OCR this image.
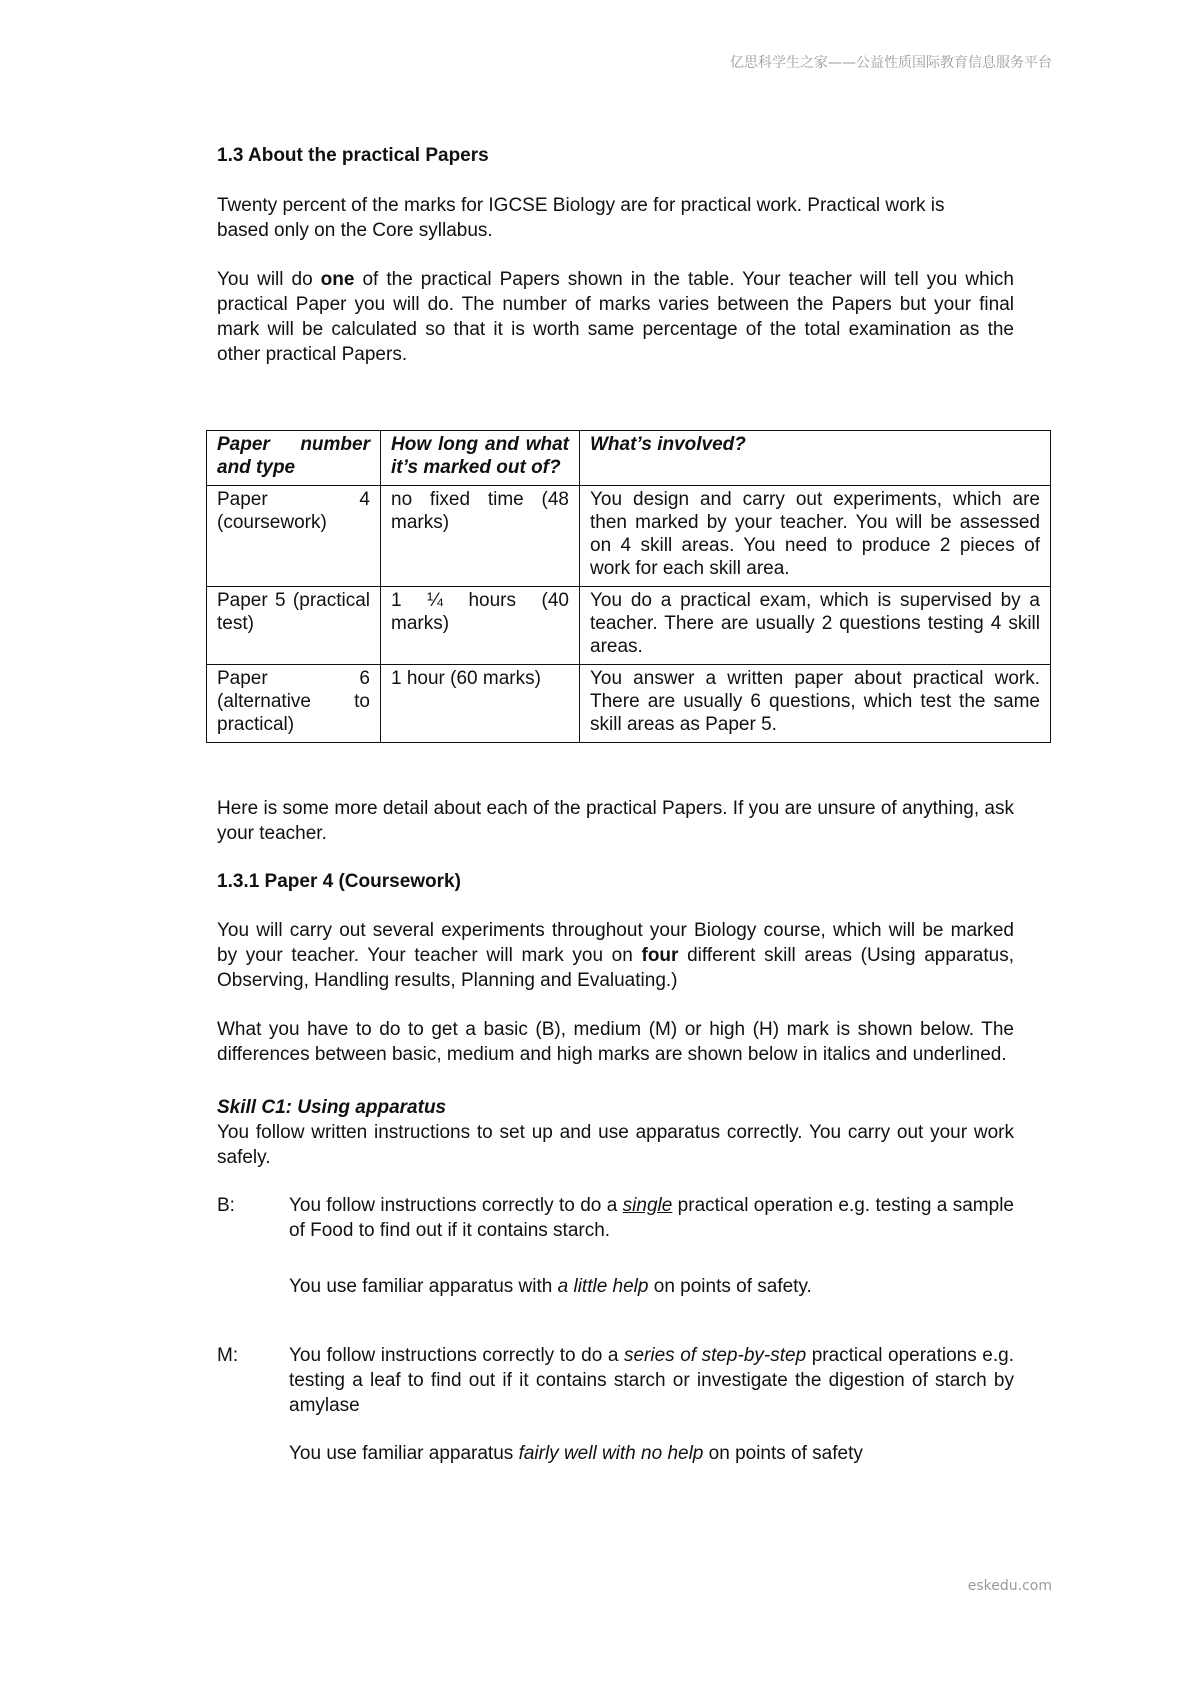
亿思科学生之家——公益性质国际教育信息服务平台
1.3 About the practical Papers

Twenty percent of the marks for IGCSE Biology are for practical work. Practical work is based only on the Core syllabus.

You will do one of the practical Papers shown in the table. Your teacher will tell you which practical Paper you will do. The number of marks varies between the Papers but your final mark will be calculated so that it is worth same percentage of the total examination as the other practical Papers.

Paper number and type	How long and what it’s marked out of?	What’s involved?
Paper 4 (coursework)	no fixed time (48 marks)	You design and carry out experiments, which are then marked by your teacher. You will be assessed on 4 skill areas. You need to produce 2 pieces of work for each skill area.
Paper 5 (practical test)	1 ¼ hours (40 marks)	You do a practical exam, which is supervised by a teacher. There are usually 2 questions testing 4 skill areas.
Paper 6 (alternative to practical)	1 hour (60 marks)	You answer a written paper about practical work. There are usually 6 questions, which test the same skill areas as Paper 5.

Here is some more detail about each of the practical Papers. If you are unsure of anything, ask your teacher.

1.3.1 Paper 4 (Coursework)

You will carry out several experiments throughout your Biology course, which will be marked by your teacher. Your teacher will mark you on four different skill areas (Using apparatus, Observing, Handling results, Planning and Evaluating.)

What you have to do to get a basic (B), medium (M) or high (H) mark is shown below. The differences between basic, medium and high marks are shown below in italics and underlined.

Skill C1: Using apparatus

You follow written instructions to set up and use apparatus correctly. You carry out your work safely.

B:	You follow instructions correctly to do a single practical operation e.g. testing a sample of Food to find out if it contains starch.

You use familiar apparatus with a little help on points of safety.

M:	You follow instructions correctly to do a series of step-by-step practical operations e.g. testing a leaf to find out if it contains starch or investigate the digestion of starch by amylase

You use familiar apparatus fairly well with no help on points of safety

eskedu.com
